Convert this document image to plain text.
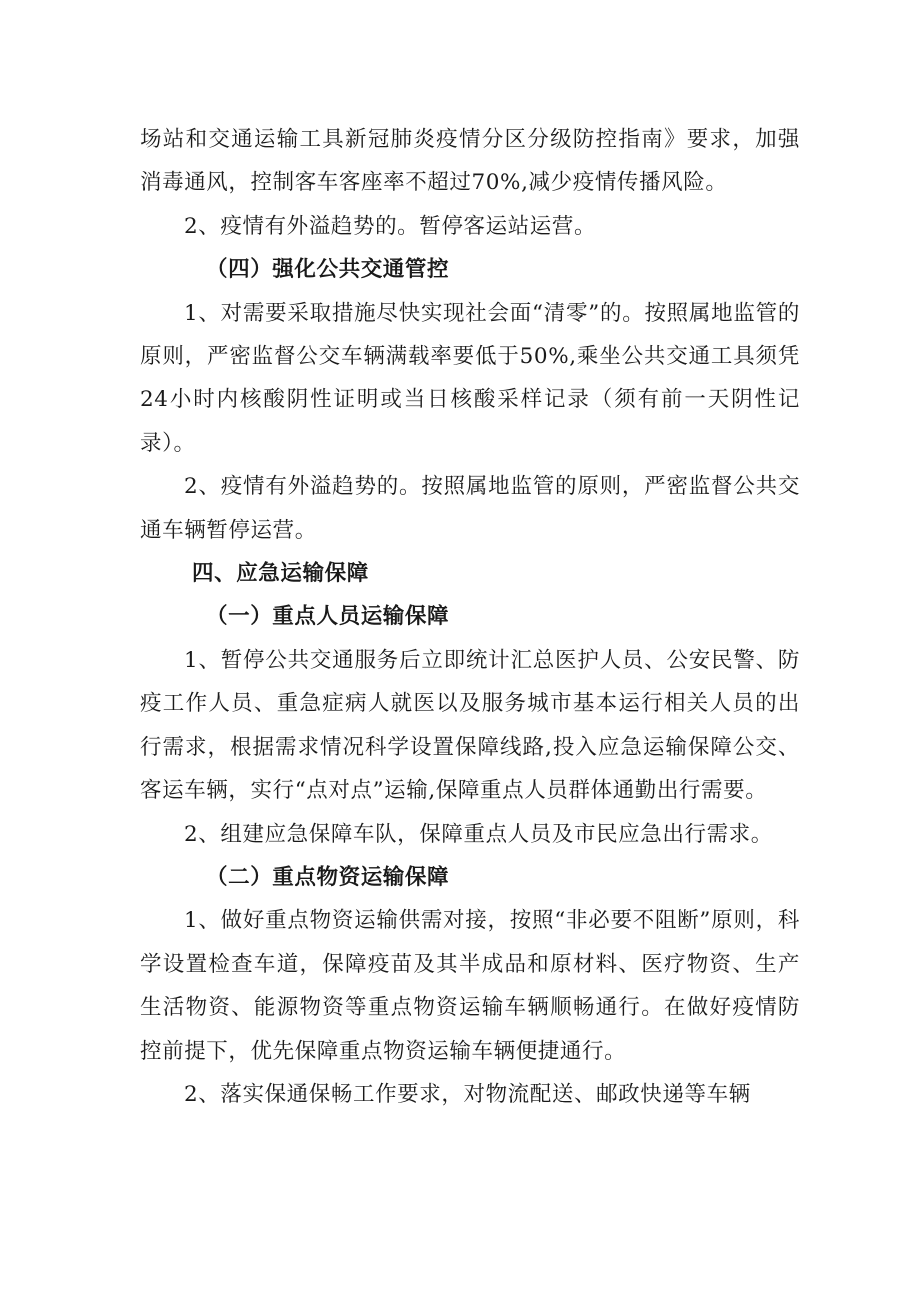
场站和交通运输工具新冠肺炎疫情分区分级防控指南》要求，加强消毒通风，控制客车客座率不超过70%,减少疫情传播风险。

2、疫情有外溢趋势的。暂停客运站运营。

（四）强化公共交通管控

1、对需要采取措施尽快实现社会面“清零”的。按照属地监管的原则，严密监督公交车辆满载率要低于50%,乘坐公共交通工具须凭24小时内核酸阴性证明或当日核酸采样记录（须有前一天阴性记录）。

2、疫情有外溢趋势的。按照属地监管的原则，严密监督公共交通车辆暂停运营。

四、应急运输保障

（一）重点人员运输保障

1、暂停公共交通服务后立即统计汇总医护人员、公安民警、防疫工作人员、重急症病人就医以及服务城市基本运行相关人员的出行需求，根据需求情况科学设置保障线路,投入应急运输保障公交、客运车辆，实行“点对点”运输,保障重点人员群体通勤出行需要。

2、组建应急保障车队，保障重点人员及市民应急出行需求。

（二）重点物资运输保障

1、做好重点物资运输供需对接，按照“非必要不阻断”原则，科学设置检查车道，保障疫苗及其半成品和原材料、医疗物资、生产生活物资、能源物资等重点物资运输车辆顺畅通行。在做好疫情防控前提下，优先保障重点物资运输车辆便捷通行。

2、落实保通保畅工作要求，对物流配送、邮政快递等车辆
